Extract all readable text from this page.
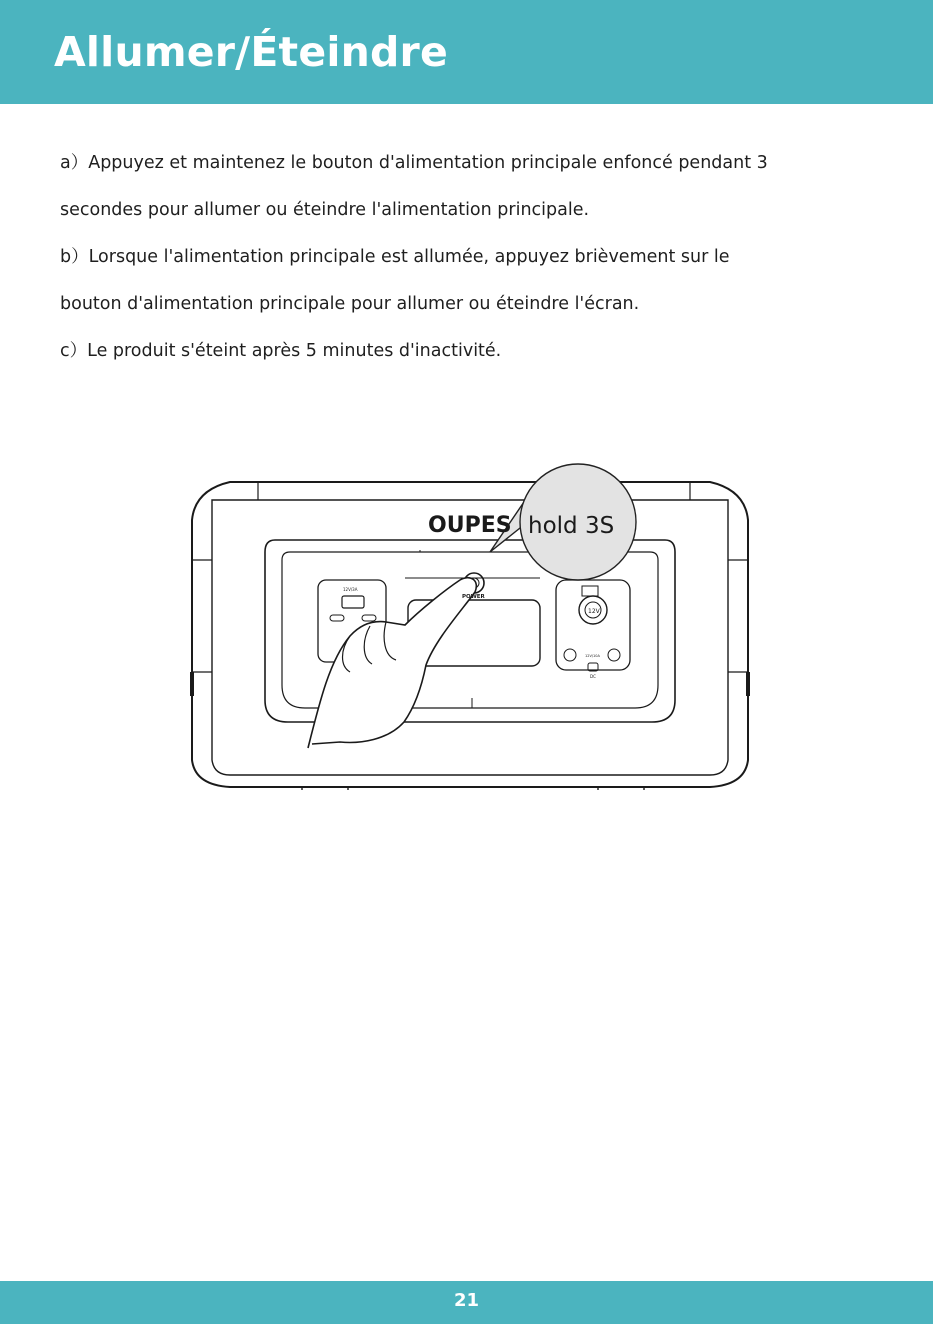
Allumer/Éteindre

a）Appuyez et maintenez le bouton d'alimentation principale enfoncé pendant 3

secondes pour allumer ou éteindre l'alimentation principale.

b）Lorsque l'alimentation principale est allumée, appuyez brièvement sur le

bouton d'alimentation principale pour allumer ou éteindre l'écran.

c）Le produit s'éteint après 5 minutes d'inactivité.

OUPES hold 3S
POWER
12V/3A
12V
12V/10A
DC
21
